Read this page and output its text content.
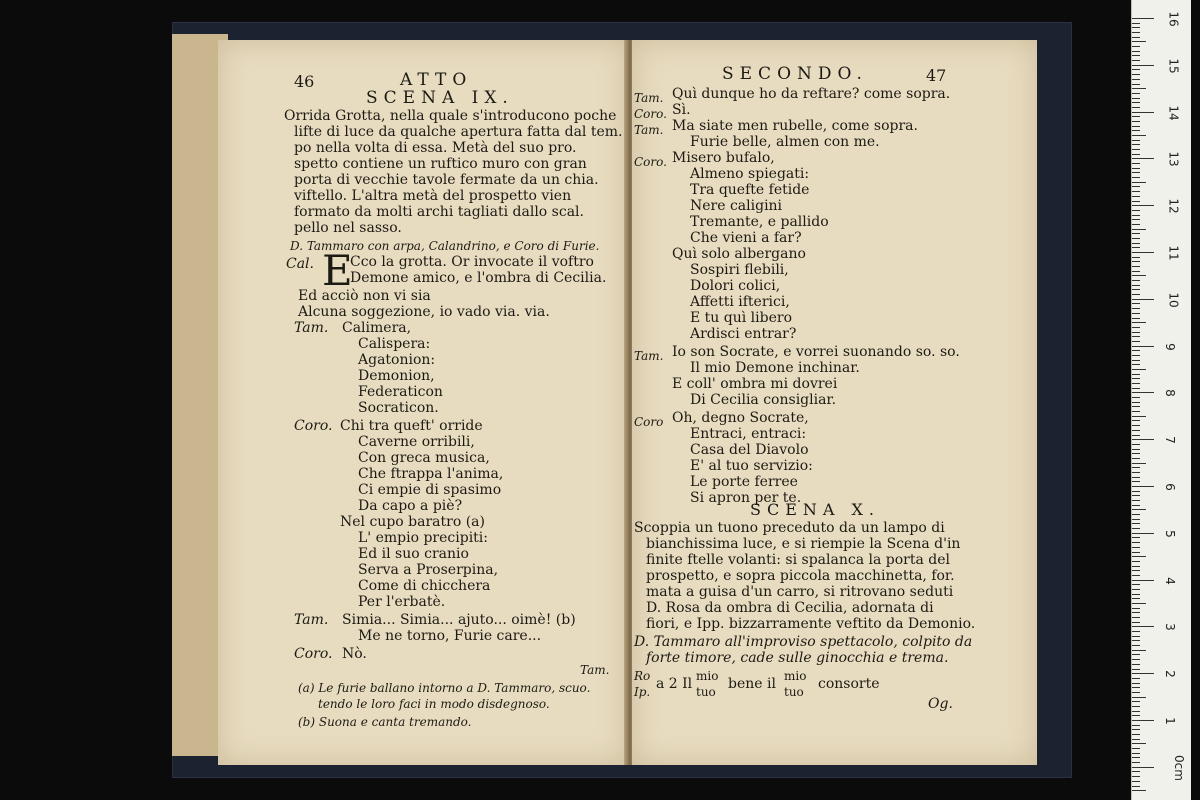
46	ATTO
SCENA IX.
Orrida Grotta, nella quale s'introducono poche
lifte di luce da qualche apertura fatta dal tem.
po nella volta di essa. Metà del suo pro.
spetto contiene un ruftico muro con gran
porta di vecchie tavole fermate da un chia.
viftello. L'altra metà del prospetto vien
formato da molti archi tagliati dallo scal.
pello nel sasso.
D. Tammaro con arpa, Calandrino, e Coro di Furie.
Cal. E
Cco la grotta. Or invocate il voftro
Demone amico, e l'ombra di Cecilia.
Ed acciò non vi sia
Alcuna soggezione, io vado via. via.
Tam. Calimera,
Calispera:
Agatonion:
Demonion,
Federaticon
Socraticon.
Coro. Chi tra queft' orride
Caverne orribili,
Con greca musica,
Che ftrappa l'anima,
Ci empie di spasimo
Da capo a piè?
Nel cupo baratro (a)
L' empio precipiti:
Ed il suo cranio
Serva a Proserpina,
Come di chicchera
Per l'erbatè.
Tam. Simia... Simia... ajuto... oimè! (b)
Me ne torno, Furie care...
Coro. Nò.
Tam.
(a) Le furie ballano intorno a D. Tammaro, scuo.
tendo le loro faci in modo disdegnoso.
(b) Suona e canta tremando.
SECONDO.	47
Tam. Quì dunque ho da reftare? come sopra.
Coro. Sì.
Tam. Ma siate men rubelle, come sopra.
Furie belle, almen con me.
Coro. Misero bufalo,
Almeno spiegati:
Tra quefte fetide
Nere caligini
Tremante, e pallido
Che vieni a far?
Quì solo albergano
Sospiri flebili,
Dolori colici,
Affetti ifterici,
E tu quì libero
Ardisci entrar?
Tam. Io son Socrate, e vorrei suonando so. so.
Il mio Demone inchinar.
E coll' ombra mi dovrei
Di Cecilia consigliar.
Coro Oh, degno Socrate,
Entraci, entraci:
Casa del Diavolo
E' al tuo servizio:
Le porte ferree
Si apron per te.
SCENA X.
Scoppia un tuono preceduto da un lampo di
bianchissima luce, e si riempie la Scena d'in
finite ftelle volanti: si spalanca la porta del
prospetto, e sopra piccola macchinetta, for.
mata a guisa d'un carro, si ritrovano seduti
D. Rosa da ombra di Cecilia, adornata di
fiori, e Ipp. bizzarramente veftito da Demonio.
D. Tammaro all'improviso spettacolo, colpito da
forte timore, cade sulle ginocchia e trema.
Ro
Ip. a 2 Il mio
tuo bene il mio
tuo consorte
Og.
16
15
14
13
12
11
10
9
8
7
6
5
4
3
2
1
0cm
